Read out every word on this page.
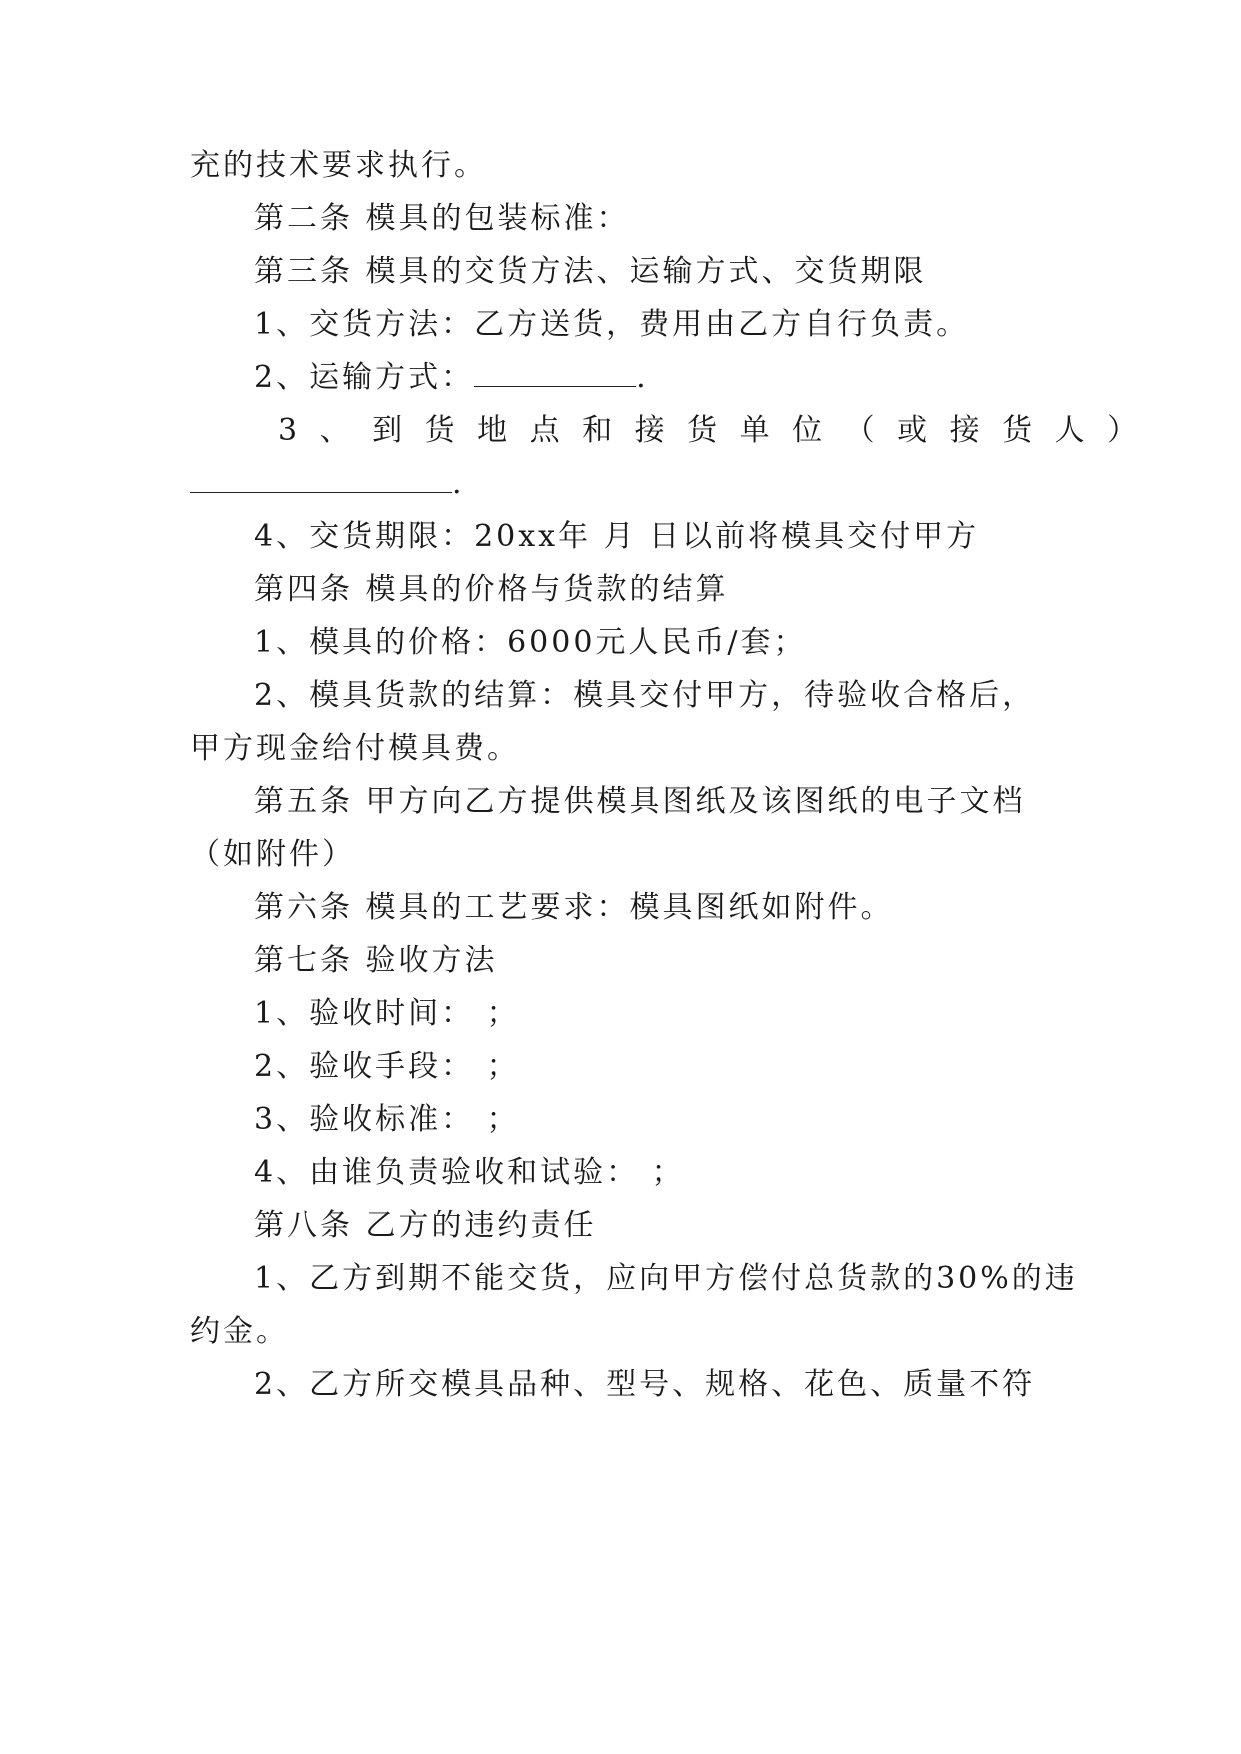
充的技术要求执行。
第二条 模具的包装标准：
第三条 模具的交货方法、运输方式、交货期限
1、交货方法：乙方送货，费用由乙方自行负责。
2、运输方式：	.
3、到货地点和接货单位（或接货人）
.
4、交货期限：20xx年 月 日以前将模具交付甲方
第四条 模具的价格与货款的结算
1、模具的价格：6000元人民币/套；
2、模具货款的结算：模具交付甲方，待验收合格后，
甲方现金给付模具费。
第五条 甲方向乙方提供模具图纸及该图纸的电子文档
（如附件）
第六条 模具的工艺要求：模具图纸如附件。
第七条 验收方法
1、验收时间： ；
2、验收手段： ；
3、验收标准： ；
4、由谁负责验收和试验： ；
第八条 乙方的违约责任
1、乙方到期不能交货，应向甲方偿付总货款的30%的违
约金。
2、乙方所交模具品种、型号、规格、花色、质量不符
